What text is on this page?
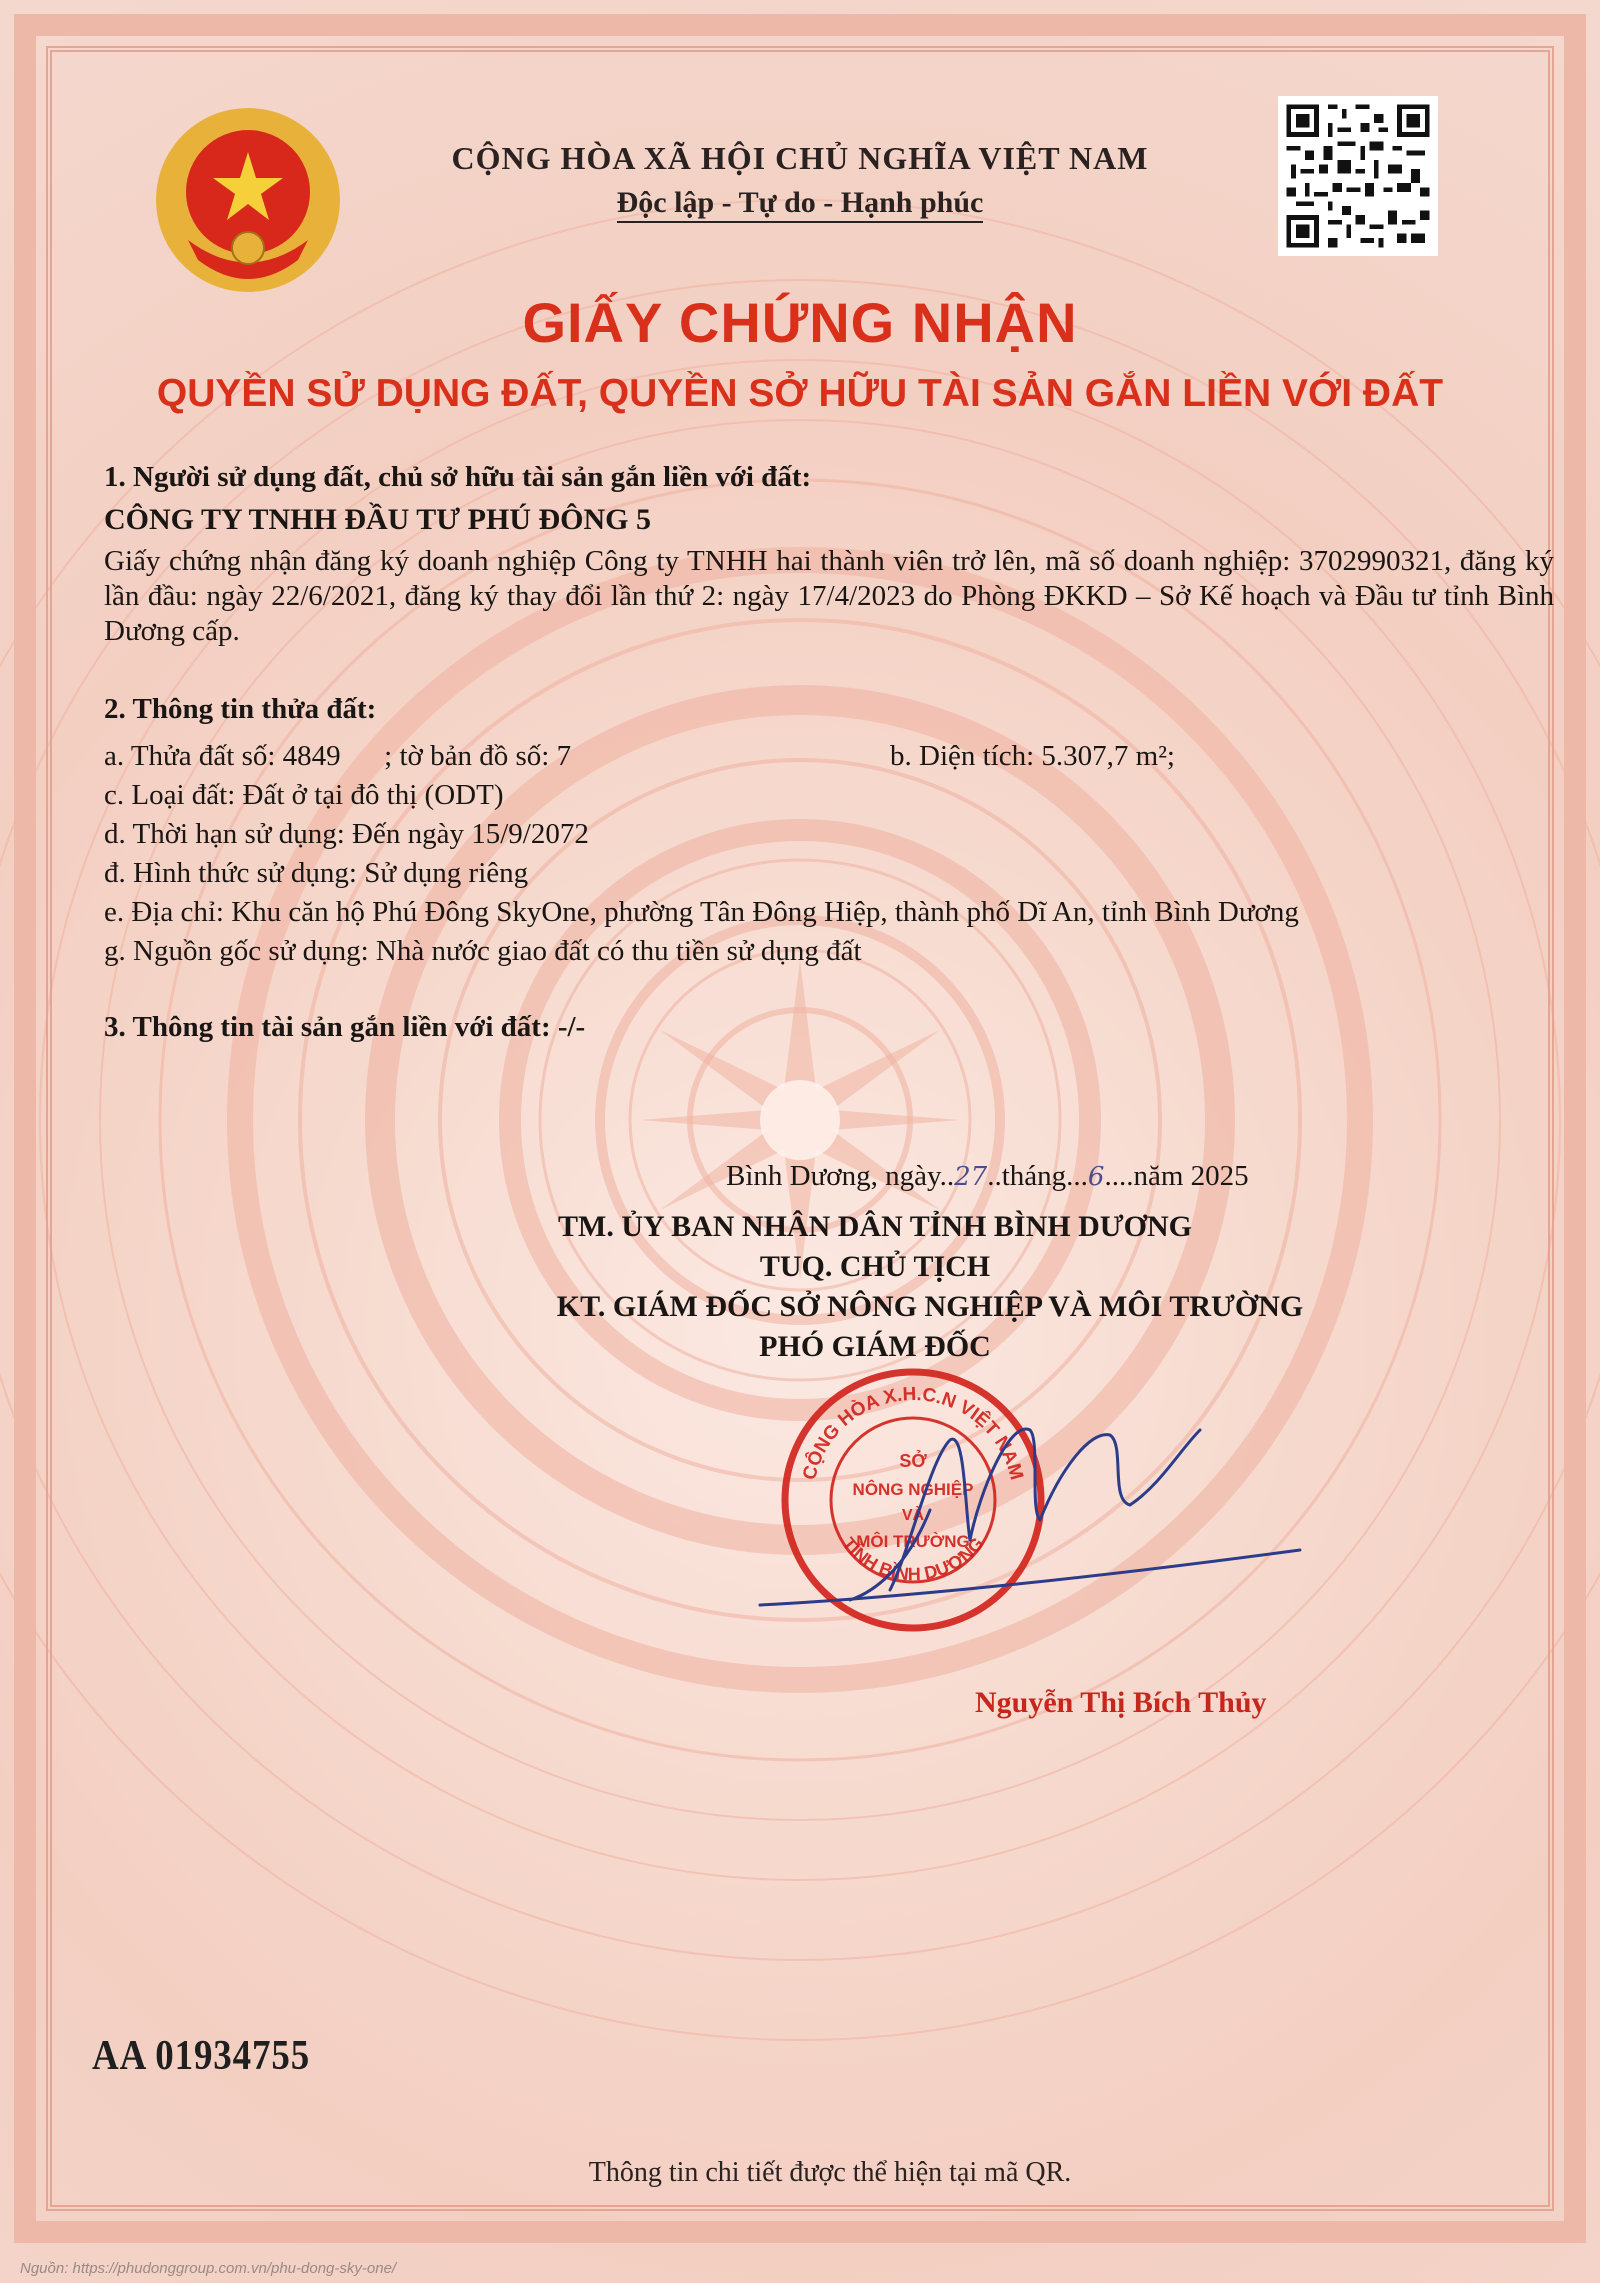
CỘNG HÒA XÃ HỘI CHỦ NGHĨA VIỆT NAM
Độc lập - Tự do - Hạnh phúc
GIẤY CHỨNG NHẬN
QUYỀN SỬ DỤNG ĐẤT, QUYỀN SỞ HỮU TÀI SẢN GẮN LIỀN VỚI ĐẤT
1. Người sử dụng đất, chủ sở hữu tài sản gắn liền với đất:
CÔNG TY TNHH ĐẦU TƯ PHÚ ĐÔNG 5
Giấy chứng nhận đăng ký doanh nghiệp Công ty TNHH hai thành viên trở lên, mã số doanh nghiệp: 3702990321, đăng ký lần đầu: ngày 22/6/2021, đăng ký thay đổi lần thứ 2: ngày 17/4/2023 do Phòng ĐKKD – Sở Kế hoạch và Đầu tư tỉnh Bình Dương cấp.
2. Thông tin thửa đất:
a. Thửa đất số: 4849      ; tờ bản đồ số: 7	b. Diện tích: 5.307,7 m²;
c. Loại đất: Đất ở tại đô thị (ODT)
d. Thời hạn sử dụng: Đến ngày 15/9/2072
đ. Hình thức sử dụng: Sử dụng riêng
e. Địa chỉ: Khu căn hộ Phú Đông SkyOne, phường Tân Đông Hiệp, thành phố Dĩ An, tỉnh Bình Dương
g. Nguồn gốc sử dụng: Nhà nước giao đất có thu tiền sử dụng đất
3. Thông tin tài sản gắn liền với đất: -/-
Bình Dương, ngày..27..tháng...6....năm 2025
TM. ỦY BAN NHÂN DÂN TỈNH BÌNH DƯƠNG
TUQ. CHỦ TỊCH
KT. GIÁM ĐỐC SỞ NÔNG NGHIỆP VÀ MÔI TRƯỜNG
PHÓ GIÁM ĐỐC
CỘNG HÒA X.H.C.N VIỆT NAM
TỈNH BÌNH DƯƠNG
SỞ
NÔNG NGHIỆP
VÀ
MÔI TRƯỜNG
Nguyễn Thị Bích Thủy
AA 01934755
Thông tin chi tiết được thể hiện tại mã QR.
Nguồn: https://phudonggroup.com.vn/phu-dong-sky-one/
